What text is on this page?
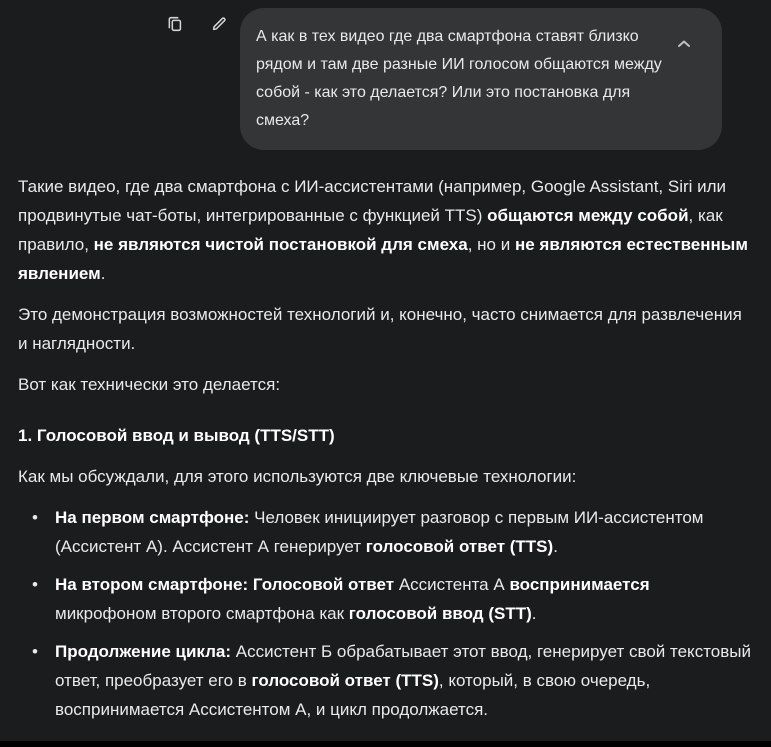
А как в тех видео где два смартфона ставят близко рядом и там две разные ИИ голосом общаются между собой - как это делается? Или это постановка для смеха?

Такие видео, где два смартфона с ИИ-ассистентами (например, Google Assistant, Siri или продвинутые чат-боты, интегрированные с функцией TTS) общаются между собой, как правило, не являются чистой постановкой для смеха, но и не являются естественным явлением.

Это демонстрация возможностей технологий и, конечно, часто снимается для развлечения и наглядности.

Вот как технически это делается:

1. Голосовой ввод и вывод (TTS/STT)

Как мы обсуждали, для этого используются две ключевые технологии:

• На первом смартфоне: Человек инициирует разговор с первым ИИ-ассистентом (Ассистент А). Ассистент А генерирует голосовой ответ (TTS).
• На втором смартфоне: Голосовой ответ Ассистента А воспринимается микрофоном второго смартфона как голосовой ввод (STT).
• Продолжение цикла: Ассистент Б обрабатывает этот ввод, генерирует свой текстовый ответ, преобразует его в голосовой ответ (TTS), который, в свою очередь, воспринимается Ассистентом А, и цикл продолжается.
